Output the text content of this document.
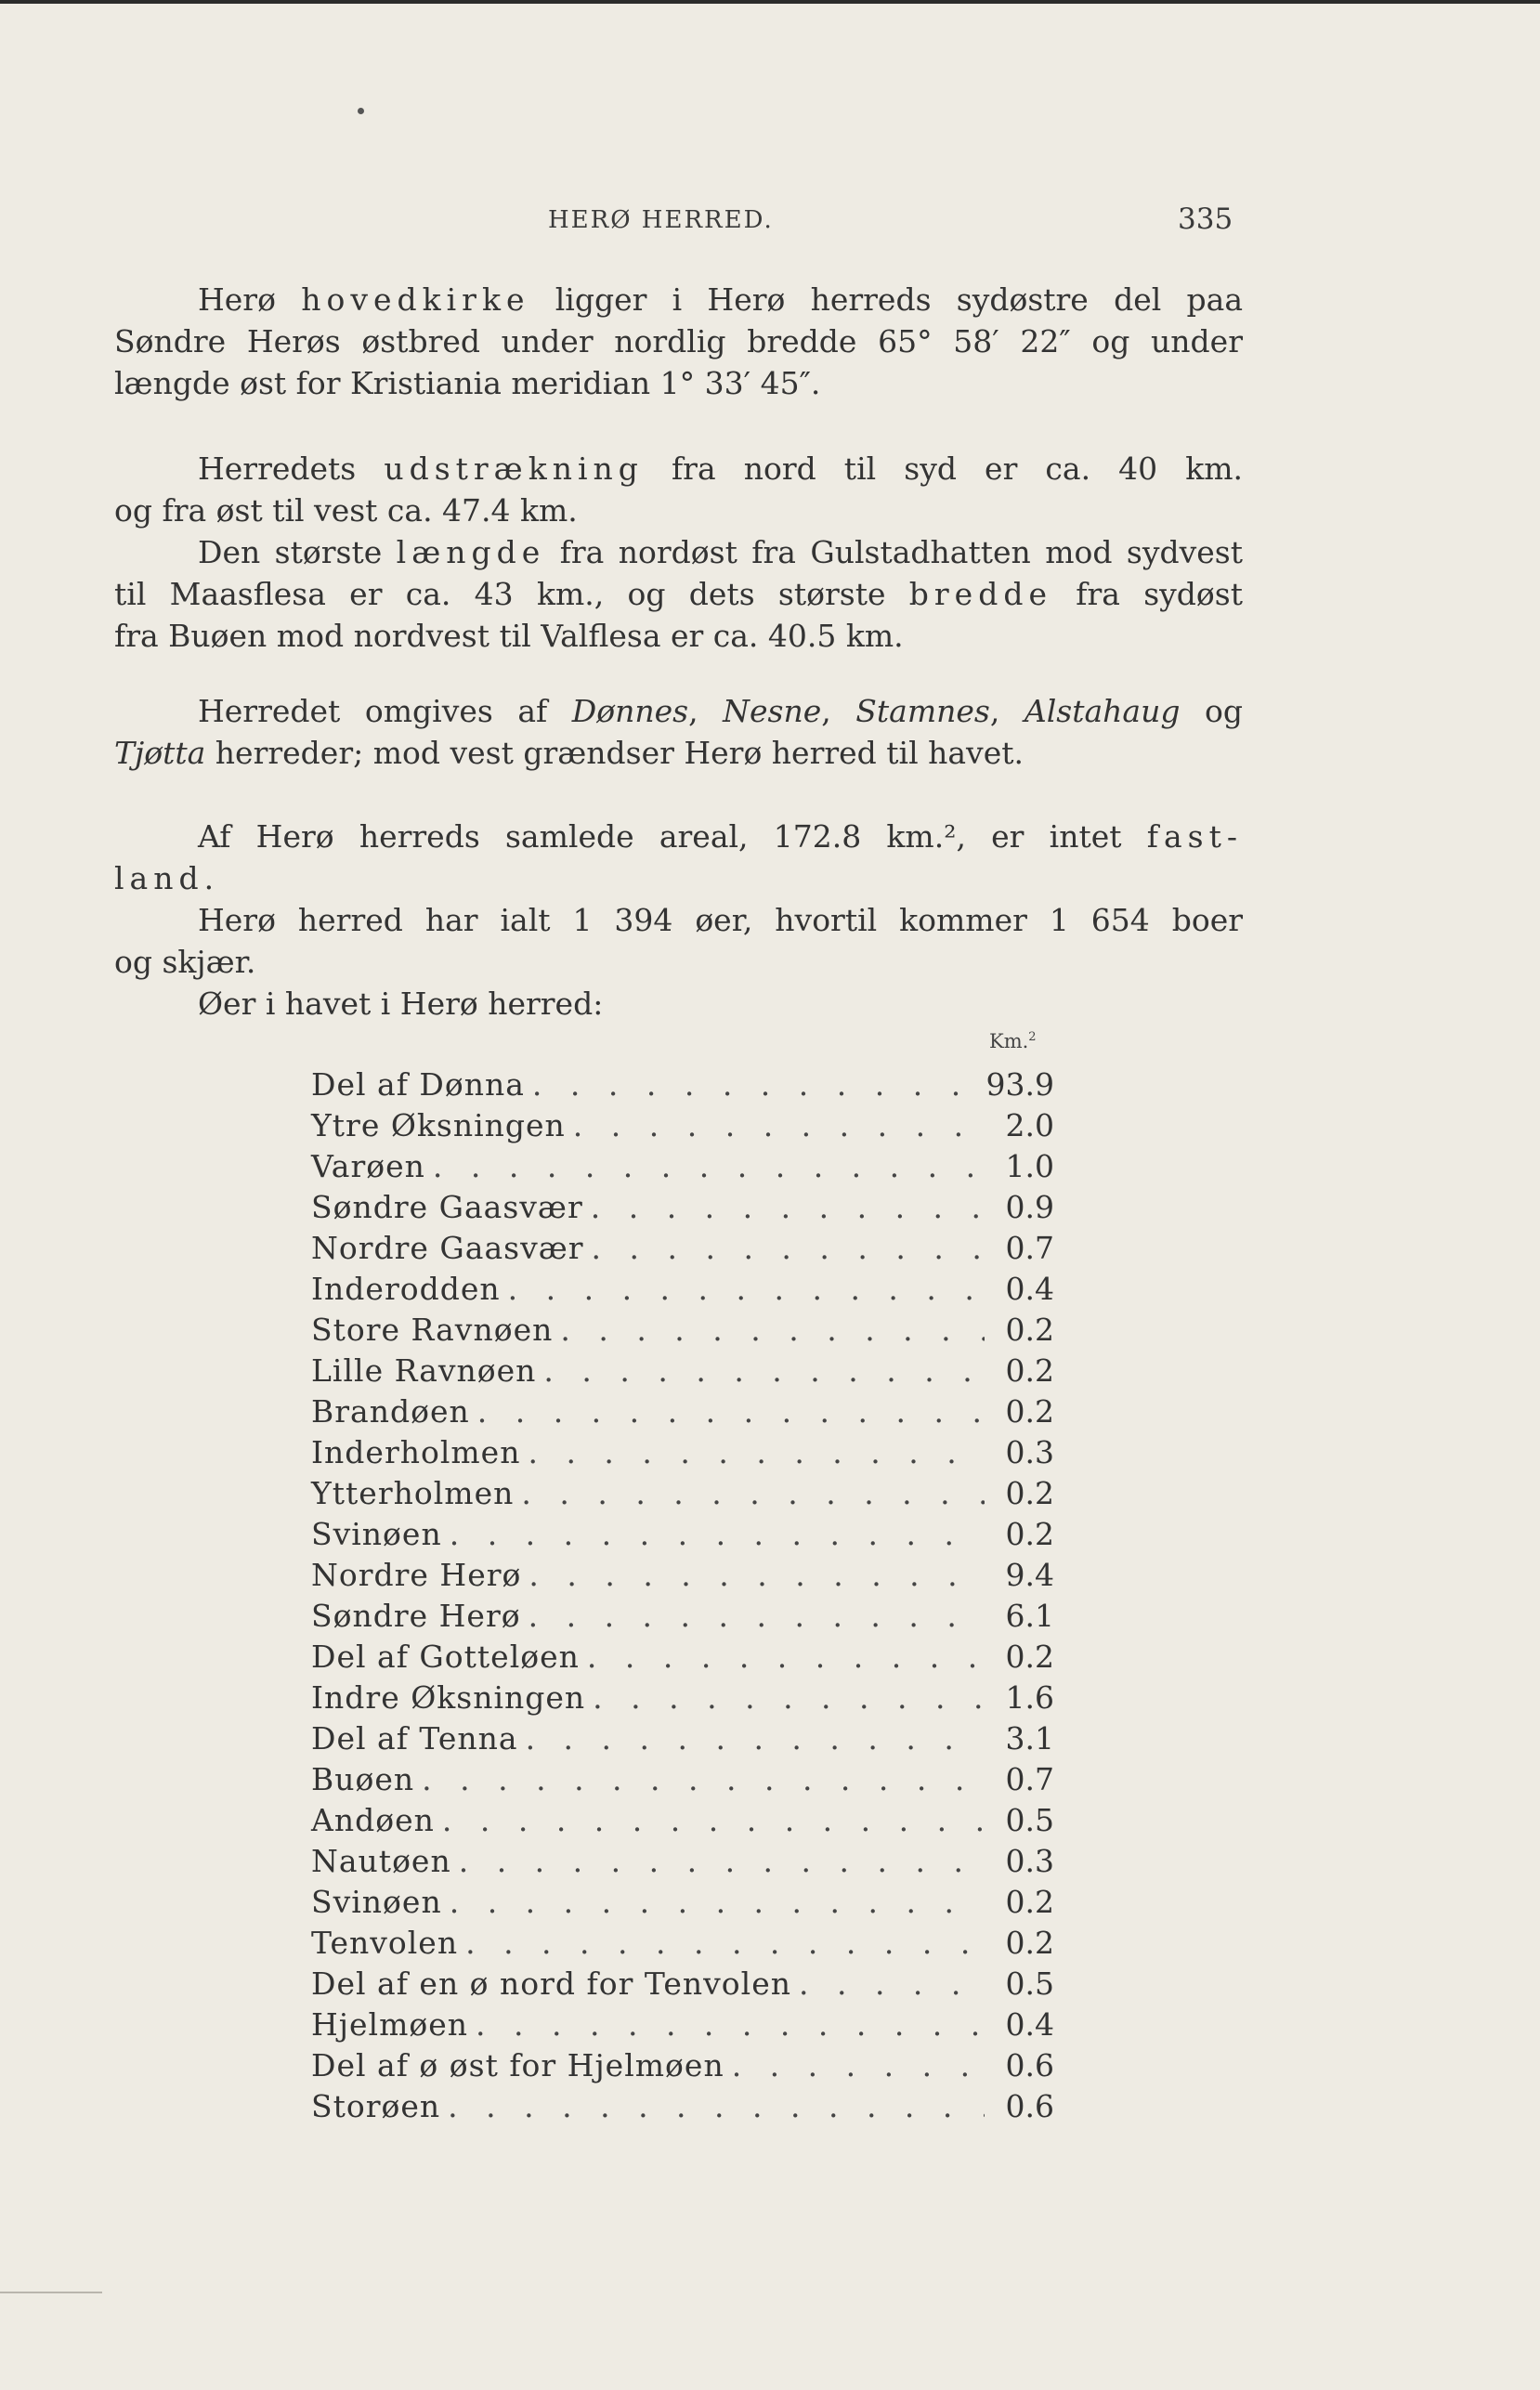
HERØ HERRED.	335
Herø hovedkirke ligger i Herø herreds sydøstre del paa
Søndre Herøs østbred under nordlig bredde 65° 58′ 22″ og under
længde øst for Kristiania meridian 1° 33′ 45″.
Herredets udstrækning fra nord til syd er ca. 40 km.
og fra øst til vest ca. 47.4 km.
Den største længde fra nordøst fra Gulstadhatten mod sydvest
til Maasflesa er ca. 43 km., og dets største bredde fra sydøst
fra Buøen mod nordvest til Valflesa er ca. 40.5 km.
Herredet omgives af Dønnes, Nesne, Stamnes, Alstahaug og
Tjøtta herreder; mod vest grændser Herø herred til havet.
Af Herø herreds samlede areal, 172.8 km.², er intet fast-
land.
Herø herred har ialt 1 394 øer, hvortil kommer 1 654 boer
og skjær.
Øer i havet i Herø herred:
Km.$^2$
Del af Dønna . . .	93.9
Ytre Øksningen . . .	2.0
Varøen . . .	1.0
Søndre Gaasvær . . .	0.9
Nordre Gaasvær . . .	0.7
Inderodden . . .	0.4
Store Ravnøen . . .	0.2
Lille Ravnøen . . .	0.2
Brandøen . . .	0.2
Inderholmen . . .	0.3
Ytterholmen . . .	0.2
Svinøen . . .	0.2
Nordre Herø . . .	9.4
Søndre Herø . . .	6.1
Del af Gotteløen . . .	0.2
Indre Øksningen . . .	1.6
Del af Tenna . . .	3.1
Buøen . . .	0.7
Andøen . . .	0.5
Nautøen . . .	0.3
Svinøen . . .	0.2
Tenvolen . . .	0.2
Del af en ø nord for Tenvolen . . .	0.5
Hjelmøen . . .	0.4
Del af ø øst for Hjelmøen . . .	0.6
Storøen . . .	0.6
